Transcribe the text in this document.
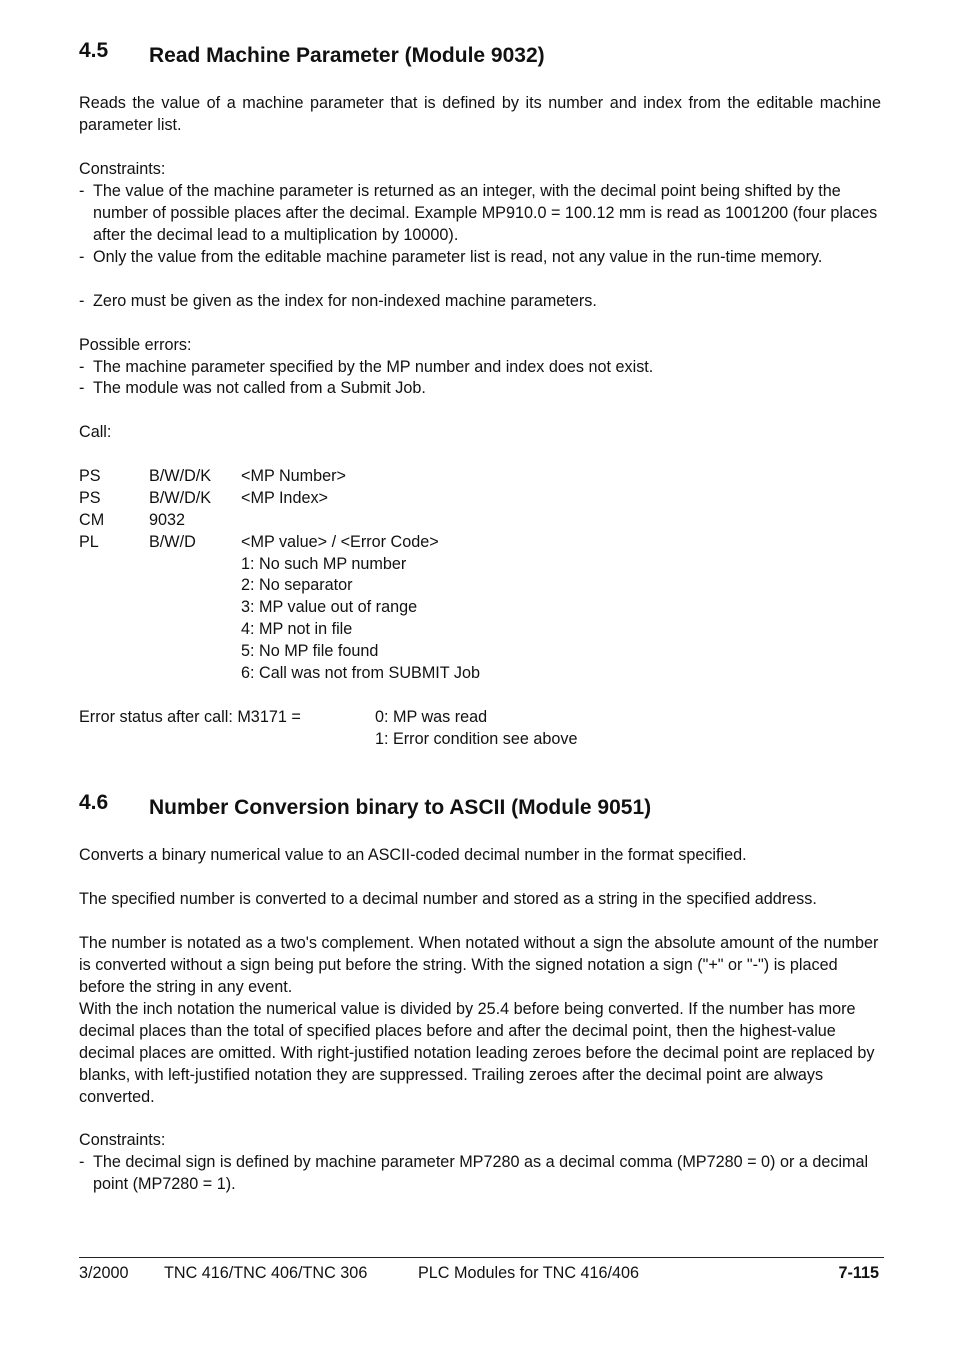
4.5	Read Machine Parameter (Module 9032)

Reads the value of a machine parameter that is defined by its number and index from the editable machine parameter list.

Constraints:
- The value of the machine parameter is returned as an integer, with the decimal point being shifted by the number of possible places after the decimal. Example MP910.0 = 100.12 mm is read as 1001200 (four places after the decimal lead to a multiplication by 10000).
- Only the value from the editable machine parameter list is read, not any value in the run-time memory.
- Zero must be given as the index for non-indexed machine parameters.
Possible errors:
- The machine parameter specified by the MP number and index does not exist.
- The module was not called from a Submit Job.
Call:
PS	B/W/D/K <MP Number>
PS	B/W/D/K <MP Index>
CM	9032
PL	B/W/D	<MP value> / <Error Code>
1: No such MP number
2: No separator
3: MP value out of range
4: MP not in file
5: No MP file found
6: Call was not from SUBMIT Job
Error status after call: M3171 =	0: MP was read
1: Error condition see above
4.6	Number Conversion binary to ASCII (Module 9051)
Converts a binary numerical value to an ASCII-coded decimal number in the format specified.

The specified number is converted to a decimal number and stored as a string in the specified address.

The number is notated as a two's complement. When notated without a sign the absolute amount of the number is converted without a sign being put before the string. With the signed notation a sign ("+" or "-") is placed before the string in any event.

With the inch notation the numerical value is divided by 25.4 before being converted. If the number has more decimal places than the total of specified places before and after the decimal point, then the highest-value decimal places are omitted. With right-justified notation leading zeroes before the decimal point are replaced by blanks, with left-justified notation they are suppressed. Trailing zeroes after the decimal point are always converted.

Constraints:
- The decimal sign is defined by machine parameter MP7280 as a decimal comma (MP7280 = 0) or a decimal point (MP7280 = 1).
3/2000 TNC 416/TNC 406/TNC 306	PLC Modules for TNC 416/406	7-115
